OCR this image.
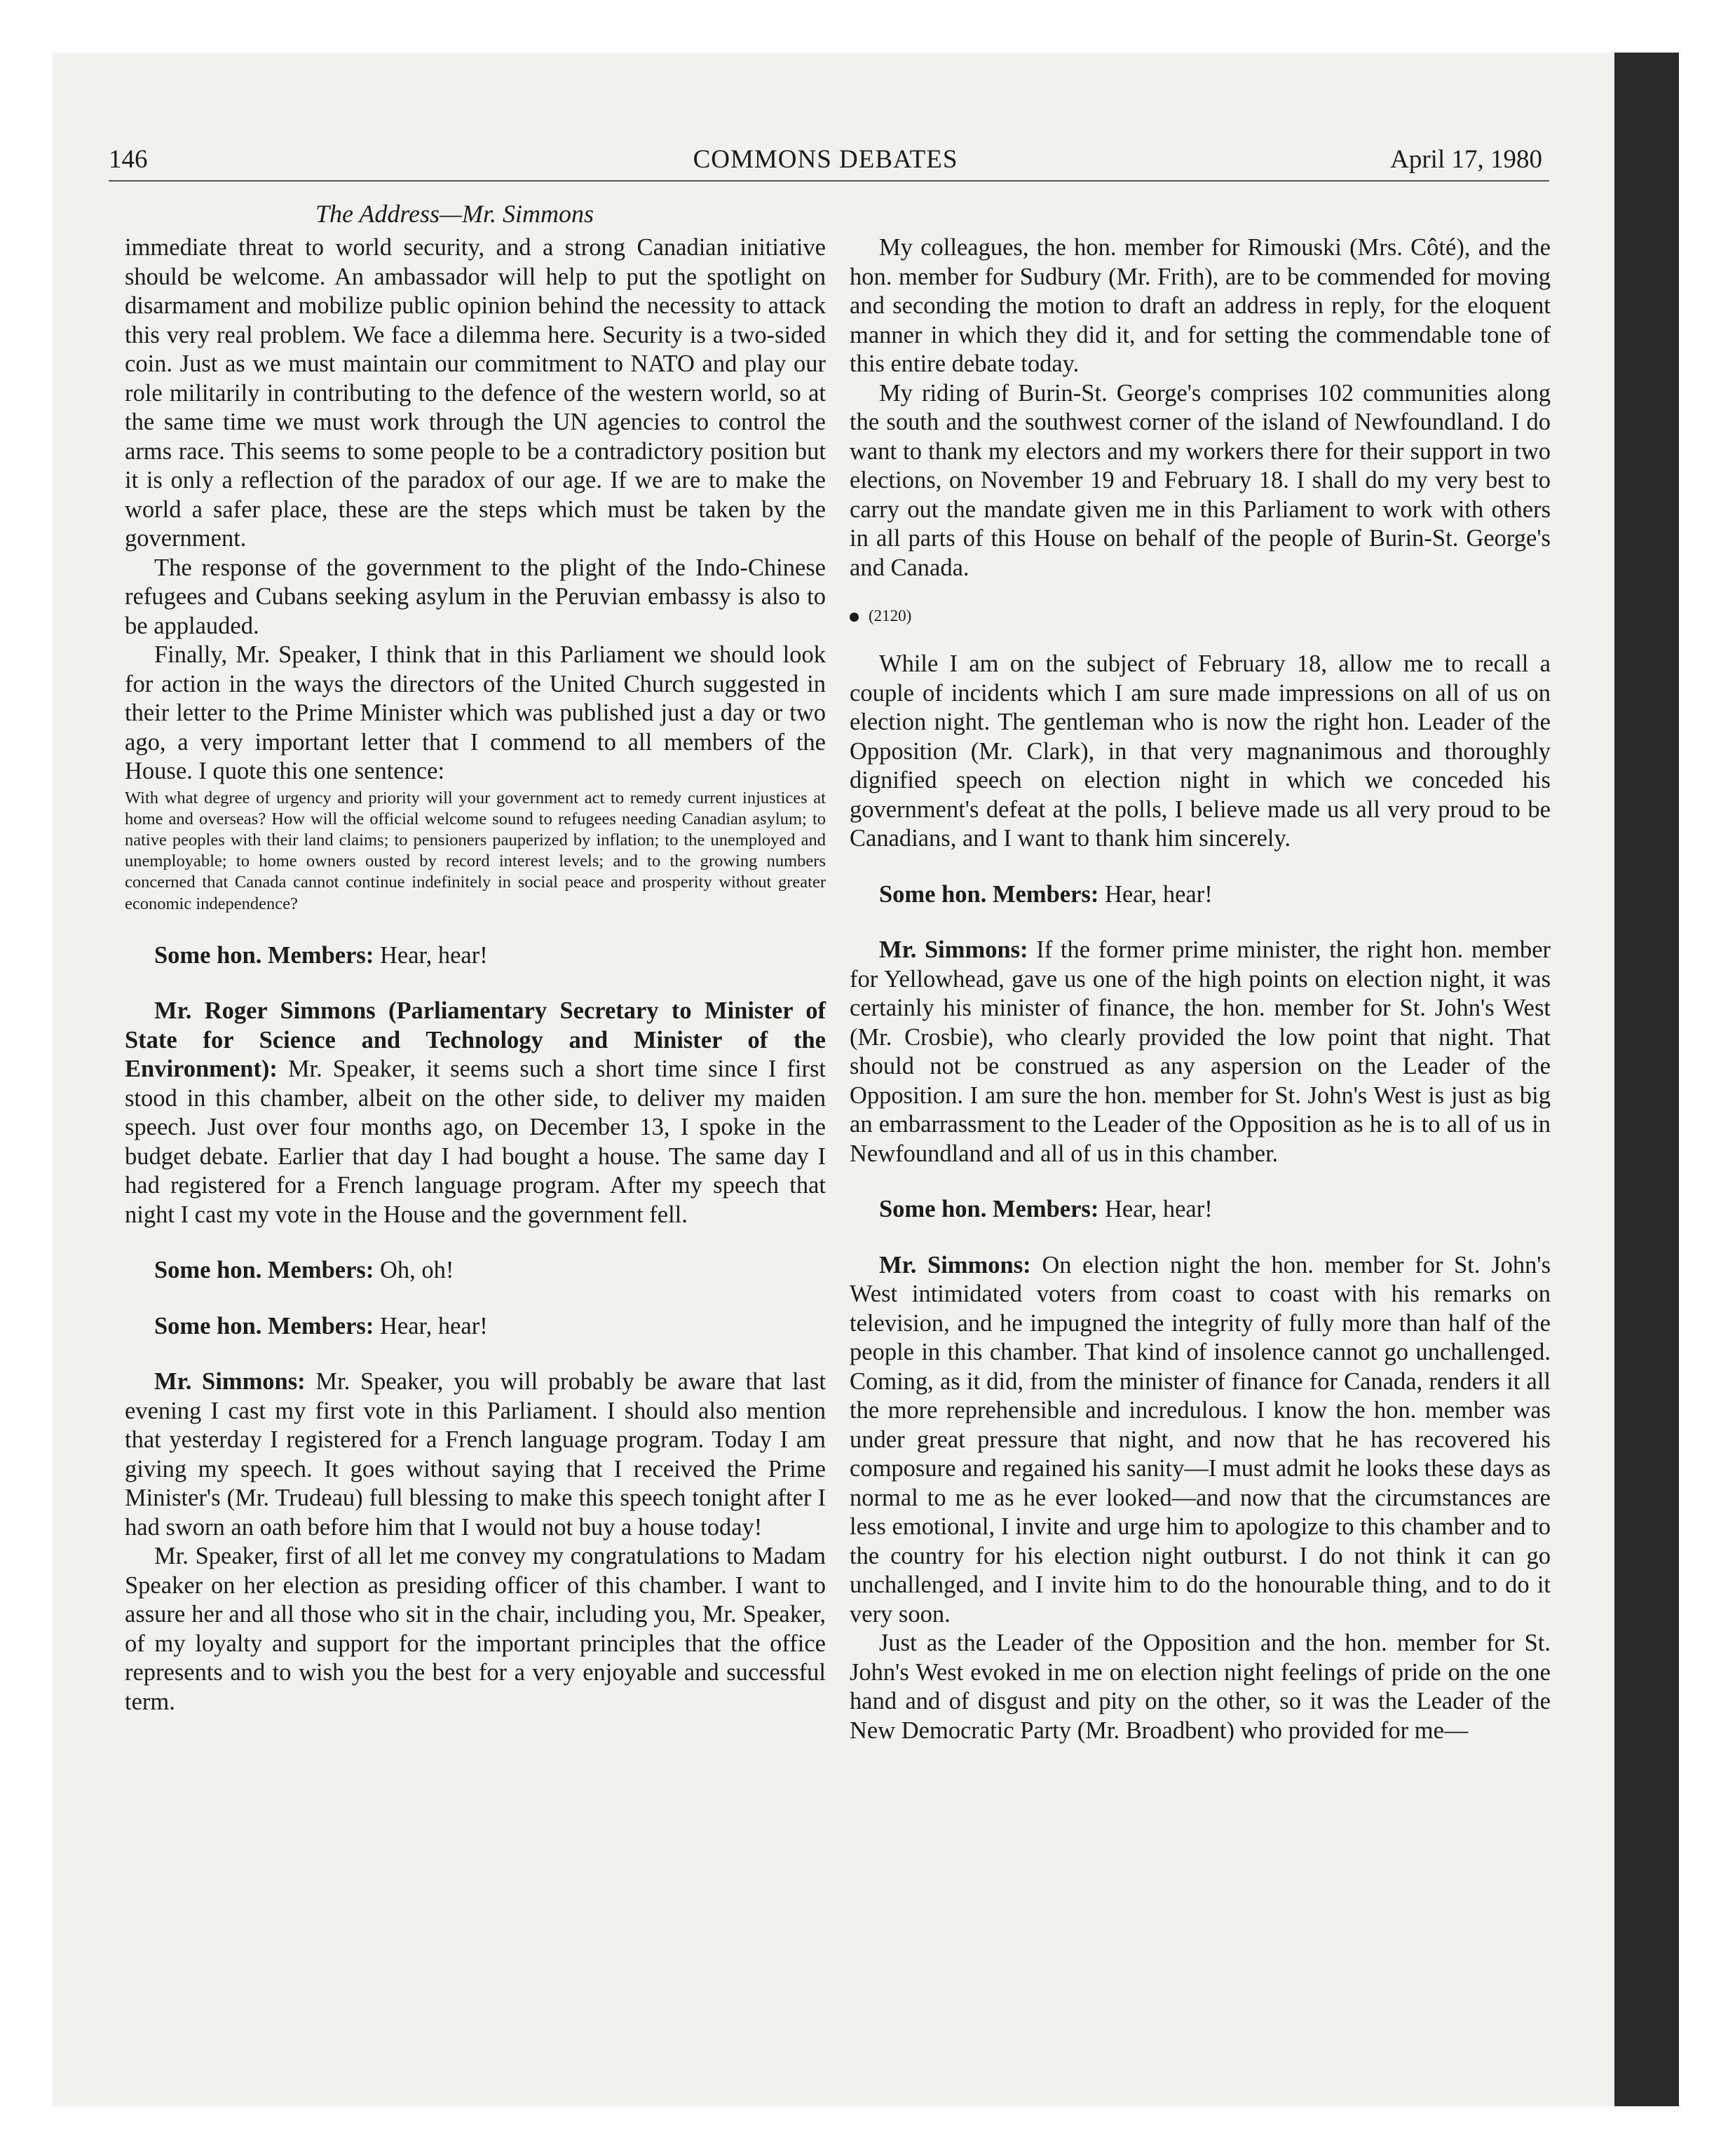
146	COMMONS DEBATES	April 17, 1980
The Address—Mr. Simmons

immediate threat to world security, and a strong Canadian initiative should be welcome. An ambassador will help to put the spotlight on disarmament and mobilize public opinion behind the necessity to attack this very real problem. We face a dilemma here. Security is a two-sided coin. Just as we must maintain our commitment to NATO and play our role militarily in contributing to the defence of the western world, so at the same time we must work through the UN agencies to control the arms race. This seems to some people to be a contradictory position but it is only a reflection of the paradox of our age. If we are to make the world a safer place, these are the steps which must be taken by the government.

The response of the government to the plight of the Indo-Chinese refugees and Cubans seeking asylum in the Peruvian embassy is also to be applauded.

Finally, Mr. Speaker, I think that in this Parliament we should look for action in the ways the directors of the United Church suggested in their letter to the Prime Minister which was published just a day or two ago, a very important letter that I commend to all members of the House. I quote this one sentence:

With what degree of urgency and priority will your government act to remedy current injustices at home and overseas? How will the official welcome sound to refugees needing Canadian asylum; to native peoples with their land claims; to pensioners pauperized by inflation; to the unemployed and unemployable; to home owners ousted by record interest levels; and to the growing numbers concerned that Canada cannot continue indefinitely in social peace and prosperity without greater economic independence?

Some hon. Members: Hear, hear!

Mr. Roger Simmons (Parliamentary Secretary to Minister of State for Science and Technology and Minister of the Environment): Mr. Speaker, it seems such a short time since I first stood in this chamber, albeit on the other side, to deliver my maiden speech. Just over four months ago, on December 13, I spoke in the budget debate. Earlier that day I had bought a house. The same day I had registered for a French language program. After my speech that night I cast my vote in the House and the government fell.

Some hon. Members: Oh, oh!

Some hon. Members: Hear, hear!

Mr. Simmons: Mr. Speaker, you will probably be aware that last evening I cast my first vote in this Parliament. I should also mention that yesterday I registered for a French language program. Today I am giving my speech. It goes without saying that I received the Prime Minister's (Mr. Trudeau) full blessing to make this speech tonight after I had sworn an oath before him that I would not buy a house today!

Mr. Speaker, first of all let me convey my congratulations to Madam Speaker on her election as presiding officer of this chamber. I want to assure her and all those who sit in the chair, including you, Mr. Speaker, of my loyalty and support for the important principles that the office represents and to wish you the best for a very enjoyable and successful term.

My colleagues, the hon. member for Rimouski (Mrs. Côté), and the hon. member for Sudbury (Mr. Frith), are to be commended for moving and seconding the motion to draft an address in reply, for the eloquent manner in which they did it, and for setting the commendable tone of this entire debate today.

My riding of Burin-St. George's comprises 102 communities along the south and the southwest corner of the island of Newfoundland. I do want to thank my electors and my workers there for their support in two elections, on November 19 and February 18. I shall do my very best to carry out the mandate given me in this Parliament to work with others in all parts of this House on behalf of the people of Burin-St. George's and Canada.

(2120)

While I am on the subject of February 18, allow me to recall a couple of incidents which I am sure made impressions on all of us on election night. The gentleman who is now the right hon. Leader of the Opposition (Mr. Clark), in that very magnanimous and thoroughly dignified speech on election night in which we conceded his government's defeat at the polls, I believe made us all very proud to be Canadians, and I want to thank him sincerely.

Some hon. Members: Hear, hear!

Mr. Simmons: If the former prime minister, the right hon. member for Yellowhead, gave us one of the high points on election night, it was certainly his minister of finance, the hon. member for St. John's West (Mr. Crosbie), who clearly provided the low point that night. That should not be construed as any aspersion on the Leader of the Opposition. I am sure the hon. member for St. John's West is just as big an embarrassment to the Leader of the Opposition as he is to all of us in Newfoundland and all of us in this chamber.

Some hon. Members: Hear, hear!

Mr. Simmons: On election night the hon. member for St. John's West intimidated voters from coast to coast with his remarks on television, and he impugned the integrity of fully more than half of the people in this chamber. That kind of insolence cannot go unchallenged. Coming, as it did, from the minister of finance for Canada, renders it all the more reprehensible and incredulous. I know the hon. member was under great pressure that night, and now that he has recovered his composure and regained his sanity—I must admit he looks these days as normal to me as he ever looked—and now that the circumstances are less emotional, I invite and urge him to apologize to this chamber and to the country for his election night outburst. I do not think it can go unchallenged, and I invite him to do the honourable thing, and to do it very soon.

Just as the Leader of the Opposition and the hon. member for St. John's West evoked in me on election night feelings of pride on the one hand and of disgust and pity on the other, so it was the Leader of the New Democratic Party (Mr. Broadbent) who provided for me—
